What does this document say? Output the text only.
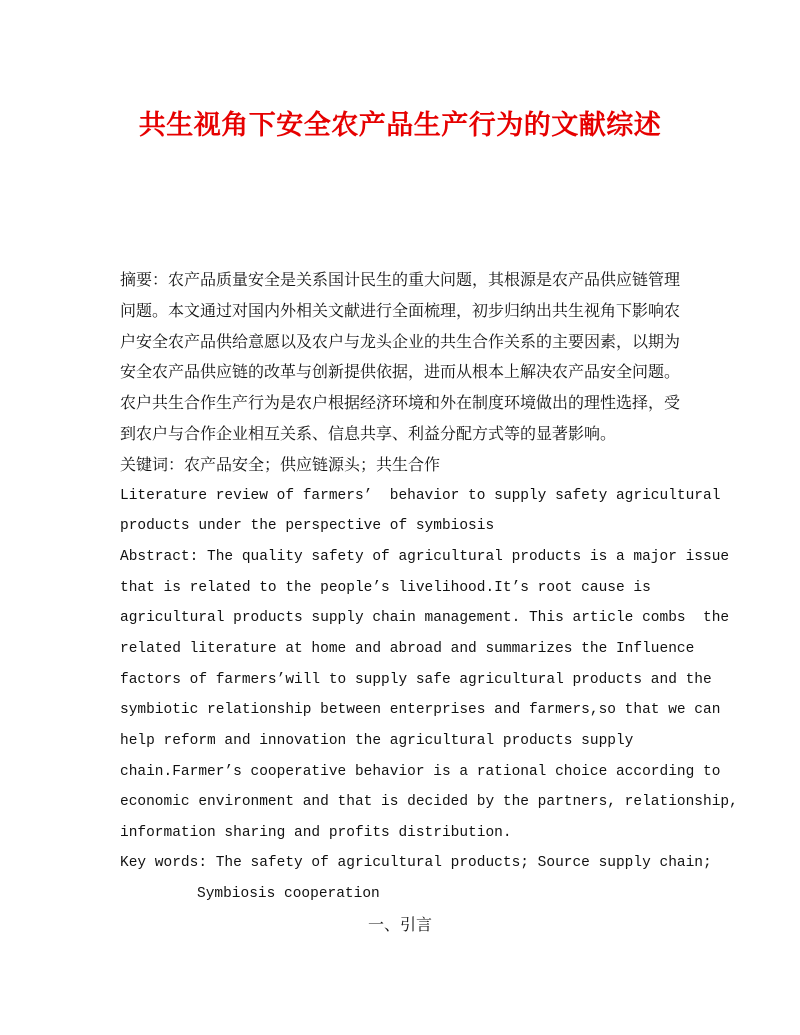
共生视角下安全农产品生产行为的文献综述

摘要：农产品质量安全是关系国计民生的重大问题，其根源是农产品供应链管理

问题。本文通过对国内外相关文献进行全面梳理，初步归纳出共生视角下影响农

户安全农产品供给意愿以及农户与龙头企业的共生合作关系的主要因素，以期为

安全农产品供应链的改革与创新提供依据，进而从根本上解决农产品安全问题。

农户共生合作生产行为是农户根据经济环境和外在制度环境做出的理性选择，受

到农户与合作企业相互关系、信息共享、利益分配方式等的显著影响。

关键词：农产品安全；供应链源头；共生合作

Literature review of farmers’  behavior to supply safety agricultural

products under the perspective of symbiosis

Abstract: The quality safety of agricultural products is a major issue

that is related to the people’s livelihood.It’s root cause is

agricultural products supply chain management. This article combs  the

related literature at home and abroad and summarizes the Influence

factors of farmers’will to supply safe agricultural products and the

symbiotic relationship between enterprises and farmers,so that we can

help reform and innovation the agricultural products supply

chain.Farmer’s cooperative behavior is a rational choice according to

economic environment and that is decided by the partners, relationship,

information sharing and profits distribution.

Key words: The safety of agricultural products; Source supply chain;

Symbiosis cooperation

一、引言
